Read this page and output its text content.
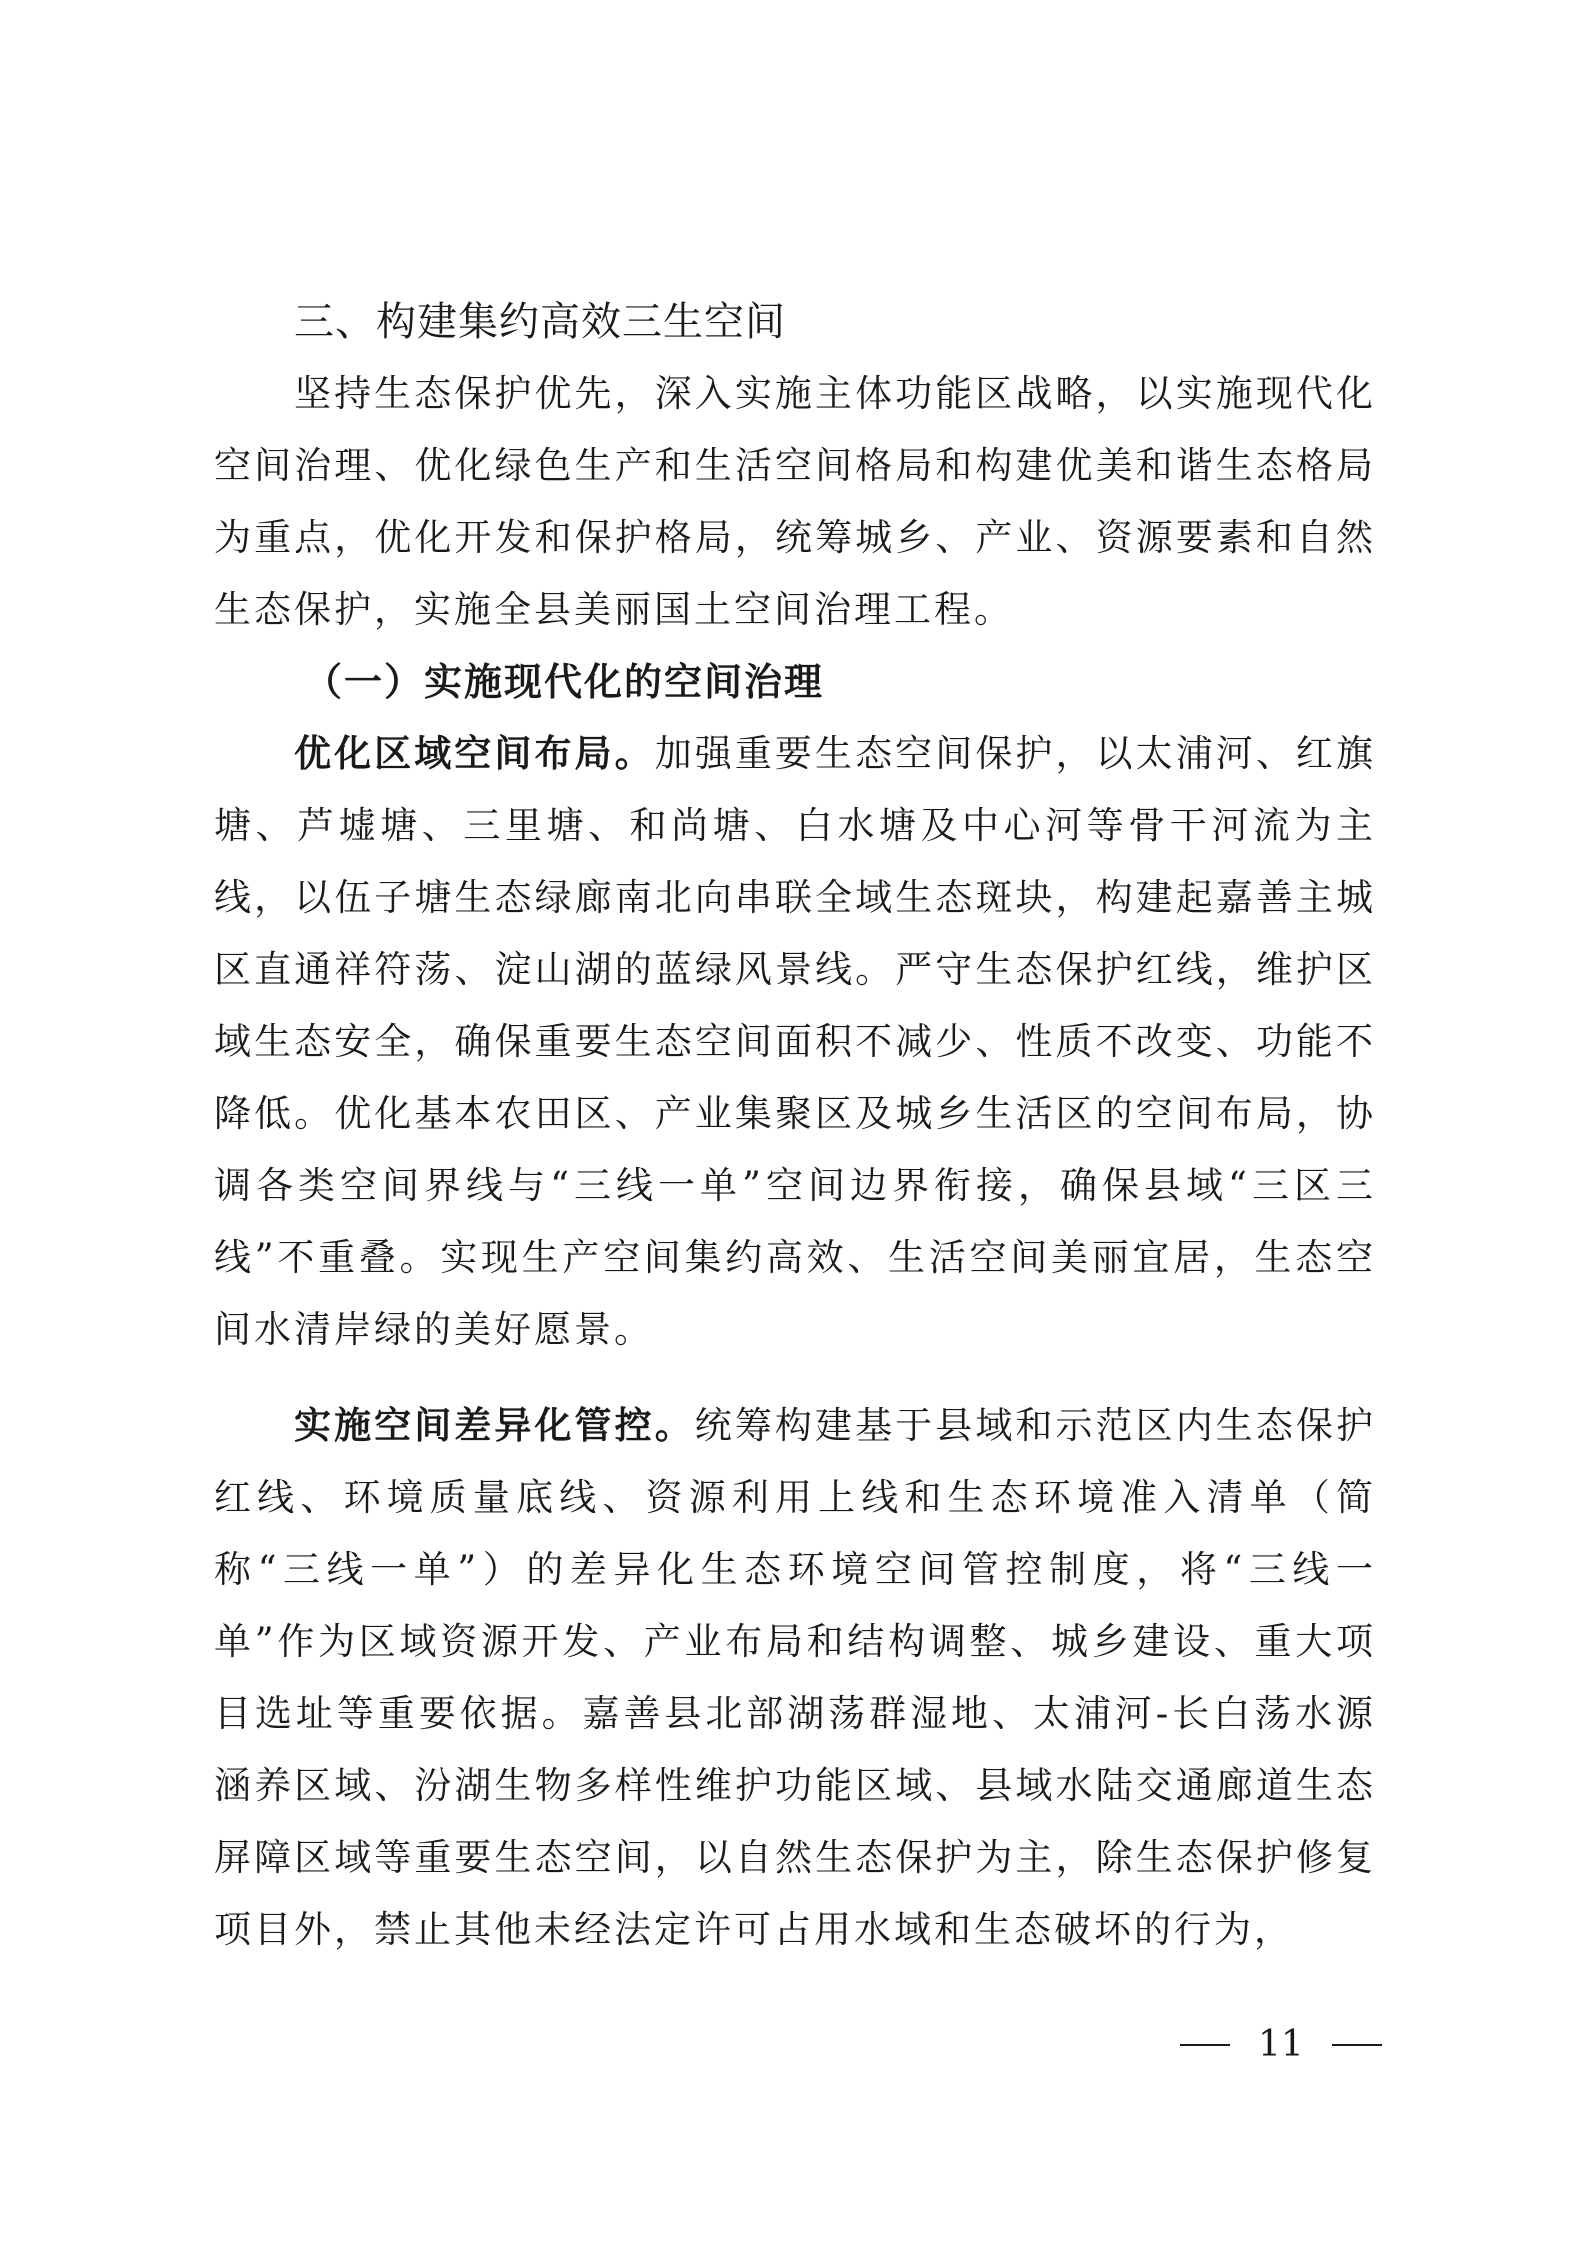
三、构建集约高效三生空间

坚持生态保护优先，深入实施主体功能区战略，以实施现代化空间治理、优化绿色生产和生活空间格局和构建优美和谐生态格局为重点，优化开发和保护格局，统筹城乡、产业、资源要素和自然生态保护，实施全县美丽国土空间治理工程。

（一）实施现代化的空间治理

优化区域空间布局。加强重要生态空间保护，以太浦河、红旗塘、芦墟塘、三里塘、和尚塘、白水塘及中心河等骨干河流为主线，以伍子塘生态绿廊南北向串联全域生态斑块，构建起嘉善主城区直通祥符荡、淀山湖的蓝绿风景线。严守生态保护红线，维护区域生态安全，确保重要生态空间面积不减少、性质不改变、功能不降低。优化基本农田区、产业集聚区及城乡生活区的空间布局，协调各类空间界线与“三线一单”空间边界衔接，确保县域“三区三线”不重叠。实现生产空间集约高效、生活空间美丽宜居，生态空间水清岸绿的美好愿景。

实施空间差异化管控。统筹构建基于县域和示范区内生态保护红线、环境质量底线、资源利用上线和生态环境准入清单（简称“三线一单”）的差异化生态环境空间管控制度，将“三线一单”作为区域资源开发、产业布局和结构调整、城乡建设、重大项目选址等重要依据。嘉善县北部湖荡群湿地、太浦河-长白荡水源涵养区域、汾湖生物多样性维护功能区域、县域水陆交通廊道生态屏障区域等重要生态空间，以自然生态保护为主，除生态保护修复项目外，禁止其他未经法定许可占用水域和生态破坏的行为，

11
